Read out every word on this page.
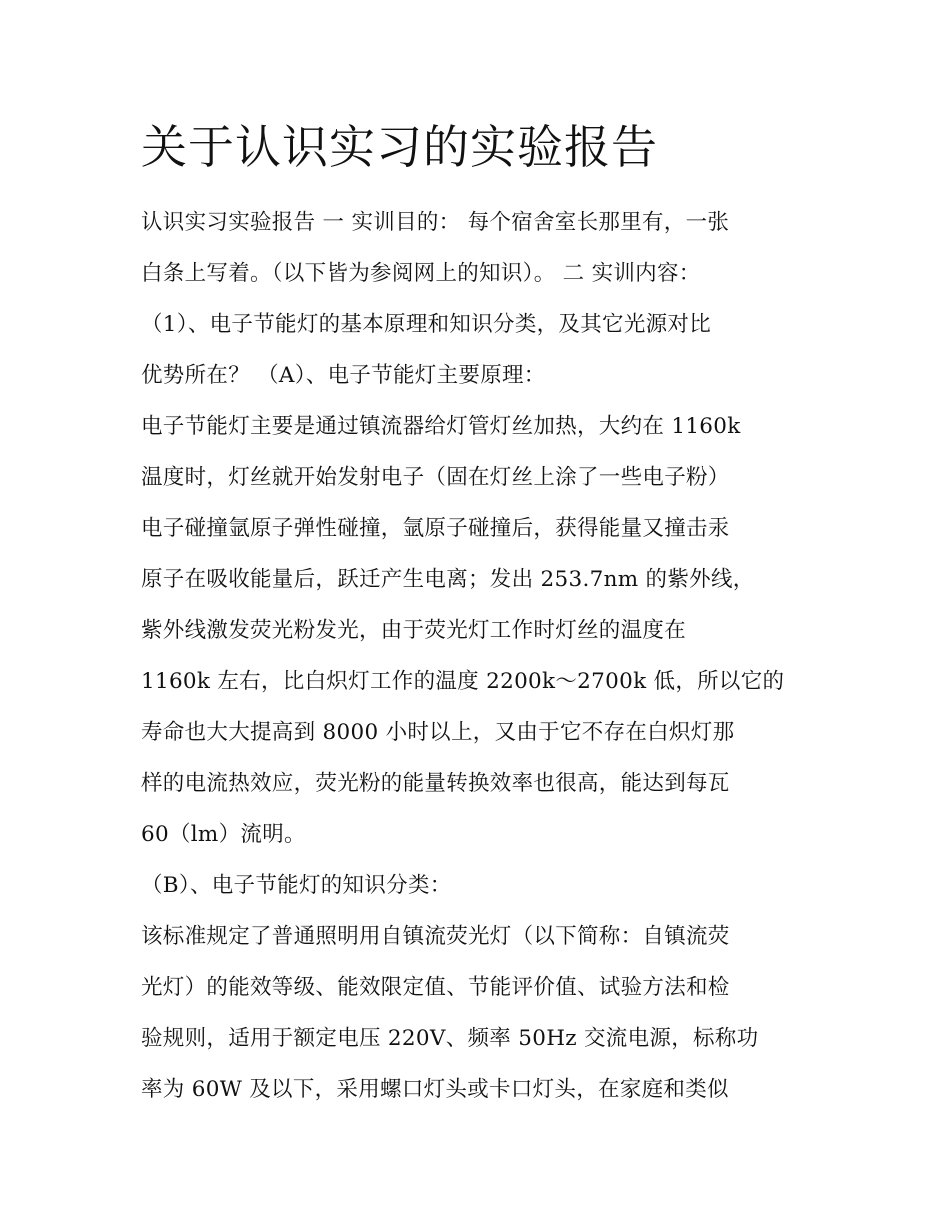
关于认识实习的实验报告
认识实习实验报告 一 实训目的： 每个宿舍室长那里有，一张
白条上写着。（以下皆为参阅网上的知识）。 二 实训内容：
（1）、电子节能灯的基本原理和知识分类，及其它光源对比
优势所在？ （A）、电子节能灯主要原理：
电子节能灯主要是通过镇流器给灯管灯丝加热，大约在 1160k
温度时，灯丝就开始发射电子（固在灯丝上涂了一些电子粉）
电子碰撞氩原子弹性碰撞，氩原子碰撞后，获得能量又撞击汞
原子在吸收能量后，跃迁产生电离；发出 253.7nm 的紫外线，
紫外线激发荧光粉发光，由于荧光灯工作时灯丝的温度在
1160k 左右，比白炽灯工作的温度 2200k～2700k 低，所以它的
寿命也大大提高到 8000 小时以上，又由于它不存在白炽灯那
样的电流热效应，荧光粉的能量转换效率也很高，能达到每瓦
60（lm）流明。
（B）、电子节能灯的知识分类：
该标准规定了普通照明用自镇流荧光灯（以下简称：自镇流荧
光灯）的能效等级、能效限定值、节能评价值、试验方法和检
验规则，适用于额定电压 220V、频率 50Hz 交流电源，标称功
率为 60W 及以下，采用螺口灯头或卡口灯头，在家庭和类似
